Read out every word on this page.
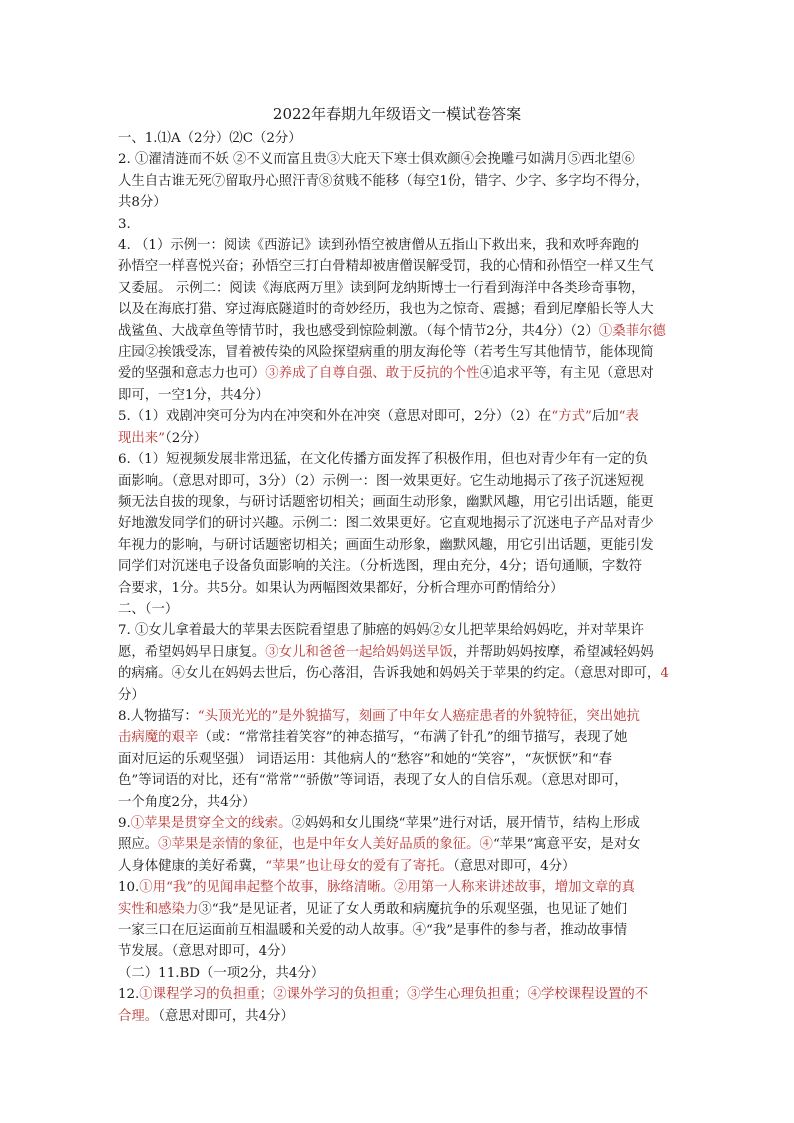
2022年春期九年级语文一模试卷答案

一、1.⑴A（2分）⑵C（2分）

2. ①濯清涟而不妖 ②不义而富且贵③大庇天下寒士俱欢颜④会挽雕弓如满月⑤西北望⑥

人生自古谁无死⑦留取丹心照汗青⑧贫贱不能移（每空1份，错字、少字、多字均不得分，

共8分）

3.

4. （1）示例一：阅读《西游记》读到孙悟空被唐僧从五指山下救出来，我和欢呼奔跑的

孙悟空一样喜悦兴奋；孙悟空三打白骨精却被唐僧误解受罚，我的心情和孙悟空一样又生气

又委屈。 示例二：阅读《海底两万里》读到阿龙纳斯博士一行看到海洋中各类珍奇事物，

以及在海底打猎、穿过海底隧道时的奇妙经历，我也为之惊奇、震撼；看到尼摩船长等人大

战鲨鱼、大战章鱼等情节时，我也感受到惊险刺激。（每个情节2分，共4分）（2）①桑菲尔德

庄园②挨饿受冻，冒着被传染的风险探望病重的朋友海伦等（若考生写其他情节，能体现简

爱的坚强和意志力也可）③养成了自尊自强、敢于反抗的个性④追求平等，有主见（意思对

即可，一空1分，共4分）

5.（1）戏剧冲突可分为内在冲突和外在冲突（意思对即可，2分）（2）在“方式”后加“表

现出来”（2分）

6.（1）短视频发展非常迅猛，在文化传播方面发挥了积极作用，但也对青少年有一定的负

面影响。（意思对即可，3分）（2）示例一：图一效果更好。它生动地揭示了孩子沉迷短视

频无法自拔的现象，与研讨话题密切相关；画面生动形象，幽默风趣，用它引出话题，能更

好地激发同学们的研讨兴趣。示例二：图二效果更好。它直观地揭示了沉迷电子产品对青少

年视力的影响，与研讨话题密切相关；画面生动形象，幽默风趣，用它引出话题，更能引发

同学们对沉迷电子设备负面影响的关注。（分析选图，理由充分，4分；语句通顺，字数符

合要求，1分。共5分。如果认为两幅图效果都好，分析合理亦可酌情给分）

二、（一）

7. ①女儿拿着最大的苹果去医院看望患了肺癌的妈妈②女儿把苹果给妈妈吃，并对苹果许

愿，希望妈妈早日康复。③女儿和爸爸一起给妈妈送早饭，并帮助妈妈按摩，希望减轻妈妈

的病痛。④女儿在妈妈去世后，伤心落泪，告诉我她和妈妈关于苹果的约定。（意思对即可，4

分）

8.人物描写：“头顶光光的”是外貌描写，刻画了中年女人癌症患者的外貌特征，突出她抗

击病魔的艰辛（或：“常常挂着笑容”的神态描写，“布满了针孔”的细节描写，表现了她

面对厄运的乐观坚强） 词语运用：其他病人的“愁容”和她的“笑容”，“灰恹恹”和“春

色”等词语的对比，还有“常常”“骄傲”等词语，表现了女人的自信乐观。（意思对即可，

一个角度2分，共4分）

9.①苹果是贯穿全文的线索。②妈妈和女儿围绕“苹果”进行对话，展开情节，结构上形成

照应。③苹果是亲情的象征，也是中年女人美好品质的象征。④“苹果”寓意平安，是对女

人身体健康的美好希冀，“苹果”也让母女的爱有了寄托。（意思对即可，4分）

10.①用“我”的见闻串起整个故事，脉络清晰。②用第一人称来讲述故事，增加文章的真

实性和感染力③“我”是见证者，见证了女人勇敢和病魔抗争的乐观坚强，也见证了她们

一家三口在厄运面前互相温暖和关爱的动人故事。④“我”是事件的参与者，推动故事情

节发展。（意思对即可，4分）

（二）11.BD（一项2分，共4分）

12.①课程学习的负担重；②课外学习的负担重；③学生心理负担重；④学校课程设置的不

合理。（意思对即可，共4分）
